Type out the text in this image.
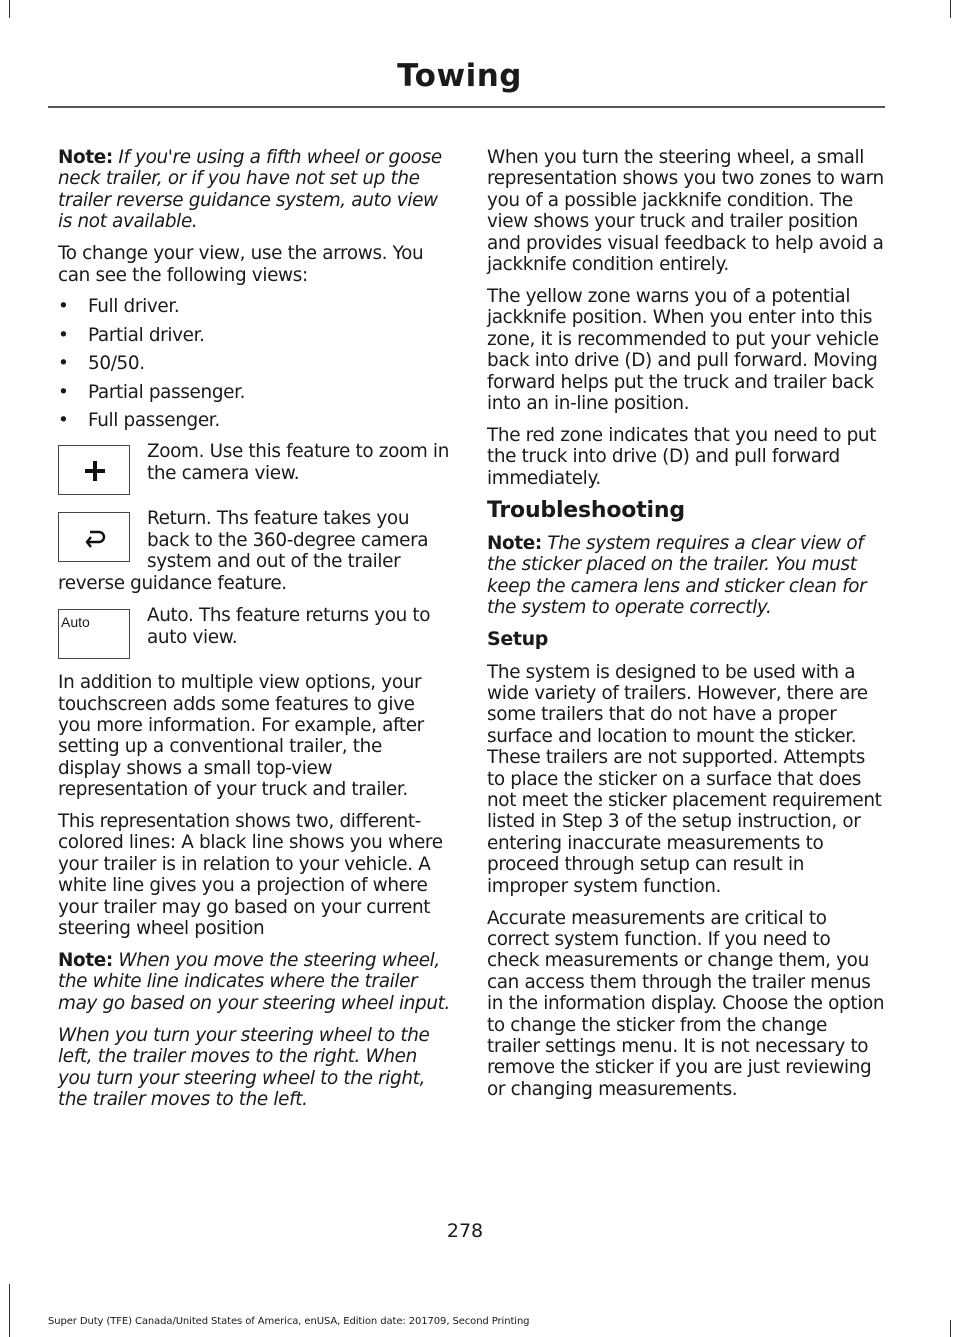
Towing

Note: If you're using a fifth wheel or goose neck trailer, or if you have not set up the trailer reverse guidance system, auto view is not available.

To change your view, use the arrows. You can see the following views:

• Full driver.
• Partial driver.
• 50/50.
• Partial passenger.
• Full passenger.
Zoom. Use this feature to zoom in the camera view.
Return. Ths feature takes you back to the 360-degree camera system and out of the trailer reverse guidance feature.
Auto	Auto. Ths feature returns you to auto view.

In addition to multiple view options, your touchscreen adds some features to give you more information. For example, after setting up a conventional trailer, the display shows a small top-view representation of your truck and trailer.

This representation shows two, different-colored lines: A black line shows you where your trailer is in relation to your vehicle. A white line gives you a projection of where your trailer may go based on your current steering wheel position

Note: When you move the steering wheel, the white line indicates where the trailer may go based on your steering wheel input.

When you turn your steering wheel to the left, the trailer moves to the right. When you turn your steering wheel to the right, the trailer moves to the left.

When you turn the steering wheel, a small representation shows you two zones to warn you of a possible jackknife condition. The view shows your truck and trailer position and provides visual feedback to help avoid a jackknife condition entirely.

The yellow zone warns you of a potential jackknife position. When you enter into this zone, it is recommended to put your vehicle back into drive (D) and pull forward. Moving forward helps put the truck and trailer back into an in-line position.

The red zone indicates that you need to put the truck into drive (D) and pull forward immediately.

Troubleshooting

Note: The system requires a clear view of the sticker placed on the trailer. You must keep the camera lens and sticker clean for the system to operate correctly.

Setup

The system is designed to be used with a wide variety of trailers. However, there are some trailers that do not have a proper surface and location to mount the sticker. These trailers are not supported. Attempts to place the sticker on a surface that does not meet the sticker placement requirement listed in Step 3 of the setup instruction, or entering inaccurate measurements to proceed through setup can result in improper system function.

Accurate measurements are critical to correct system function. If you need to check measurements or change them, you can access them through the trailer menus in the information display. Choose the option to change the sticker from the change trailer settings menu. It is not necessary to remove the sticker if you are just reviewing or changing measurements.

278
Super Duty (TFE) Canada/United States of America, enUSA, Edition date: 201709, Second Printing
